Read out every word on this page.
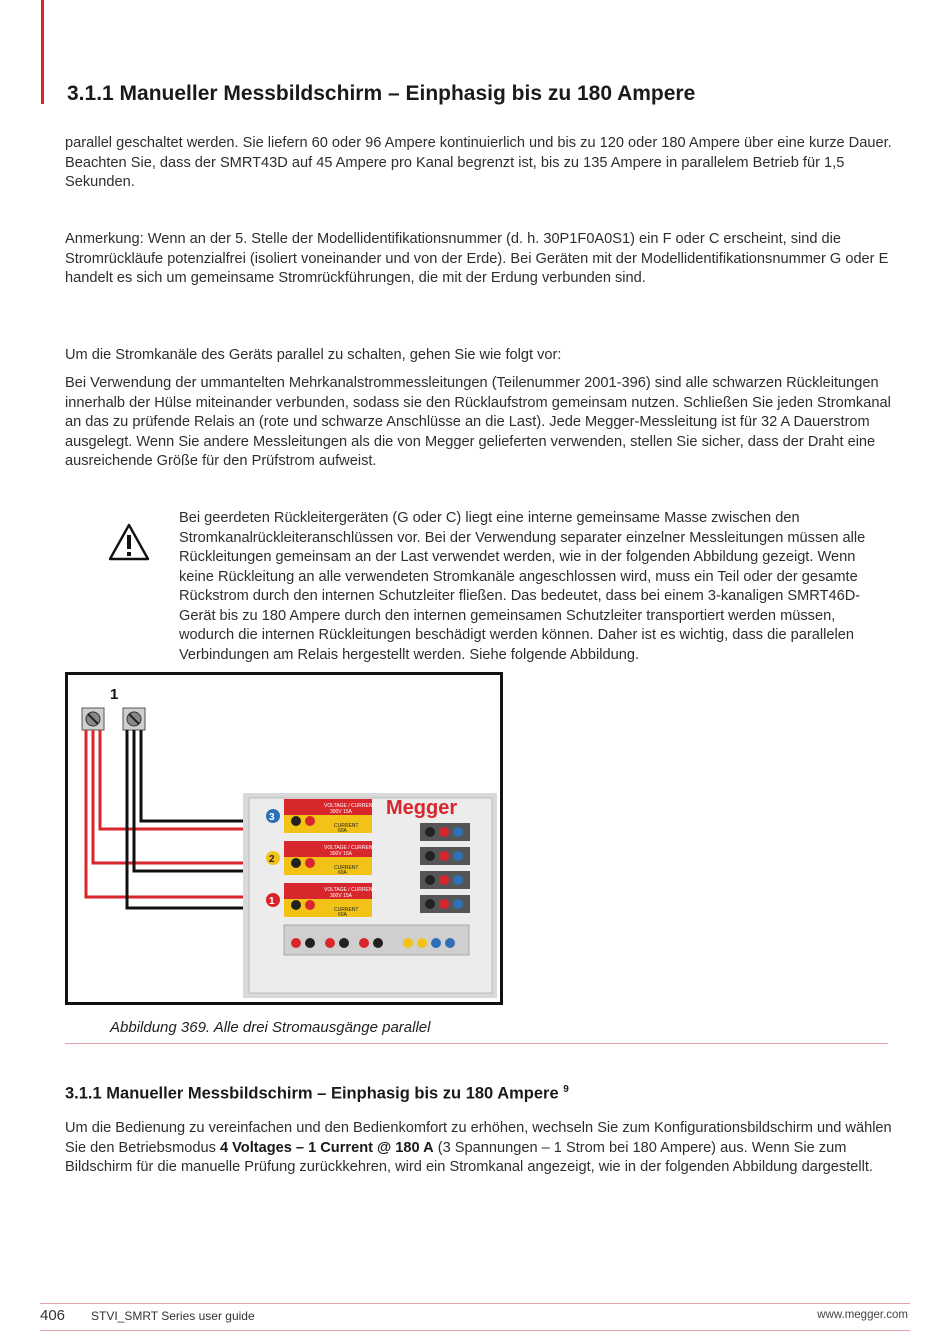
3.1.1 Manueller Messbildschirm – Einphasig bis zu 180 Ampere

parallel geschaltet werden. Sie liefern 60 oder 96 Ampere kontinuierlich und bis zu 120 oder 180 Ampere über eine kurze Dauer. Beachten Sie, dass der SMRT43D auf 45 Ampere pro Kanal begrenzt ist, bis zu 135 Ampere in parallelem Betrieb für 1,5 Sekunden.

Anmerkung: Wenn an der 5. Stelle der Modellidentifikationsnummer (d. h. 30P1F0A0S1) ein F oder C erscheint, sind die Stromrückläufe potenzialfrei (isoliert voneinander und von der Erde). Bei Geräten mit der Modellidentifikationsnummer G oder E handelt es sich um gemeinsame Stromrückführungen, die mit der Erdung verbunden sind.

Um die Stromkanäle des Geräts parallel zu schalten, gehen Sie wie folgt vor:

Bei Verwendung der ummantelten Mehrkanalstrommessleitungen (Teilenummer 2001-396) sind alle schwarzen Rückleitungen innerhalb der Hülse miteinander verbunden, sodass sie den Rücklaufstrom gemeinsam nutzen. Schließen Sie jeden Stromkanal an das zu prüfende Relais an (rote und schwarze Anschlüsse an die Last). Jede Megger-Messleitung ist für 32 A Dauerstrom ausgelegt. Wenn Sie andere Messleitungen als die von Megger gelieferten verwenden, stellen Sie sicher, dass der Draht eine ausreichende Größe für den Prüfstrom aufweist.

Bei geerdeten Rückleitergeräten (G oder C) liegt eine interne gemeinsame Masse zwischen den Stromkanalrückleiteranschlüssen vor. Bei der Verwendung separater einzelner Messleitungen müssen alle Rückleitungen gemeinsam an der Last verwendet werden, wie in der folgenden Abbildung gezeigt. Wenn keine Rückleitung an alle verwendeten Stromkanäle angeschlossen wird, muss ein Teil oder der gesamte Rückstrom durch den internen Schutzleiter fließen. Das bedeutet, dass bei einem 3-kanaligen SMRT46D-Gerät bis zu 180 Ampere durch den internen gemeinsamen Schutzleiter transportiert werden müssen, wodurch die internen Rückleitungen beschädigt werden können. Daher ist es wichtig, dass die parallelen Verbindungen am Relais hergestellt werden. Siehe folgende Abbildung.

1
Megger
3
VOLTAGE / CURRENT
300V 15A
CURRENT
60A
2
VOLTAGE / CURRENT
300V 15A
CURRENT
60A
1
VOLTAGE / CURRENT
300V 15A
CURRENT
60A
Abbildung 369. Alle drei Stromausgänge parallel
3.1.1 Manueller Messbildschirm – Einphasig bis zu 180 Ampere $^9$

Um die Bedienung zu vereinfachen und den Bedienkomfort zu erhöhen, wechseln Sie zum Konfigurationsbildschirm und wählen Sie den Betriebsmodus 4 Voltages – 1 Current @ 180 A (3 Spannungen – 1 Strom bei 180 Ampere) aus. Wenn Sie zum Bildschirm für die manuelle Prüfung zurückkehren, wird ein Stromkanal angezeigt, wie in der folgenden Abbildung dargestellt.

406 STVI_SMRT Series user guide	www.megger.com
